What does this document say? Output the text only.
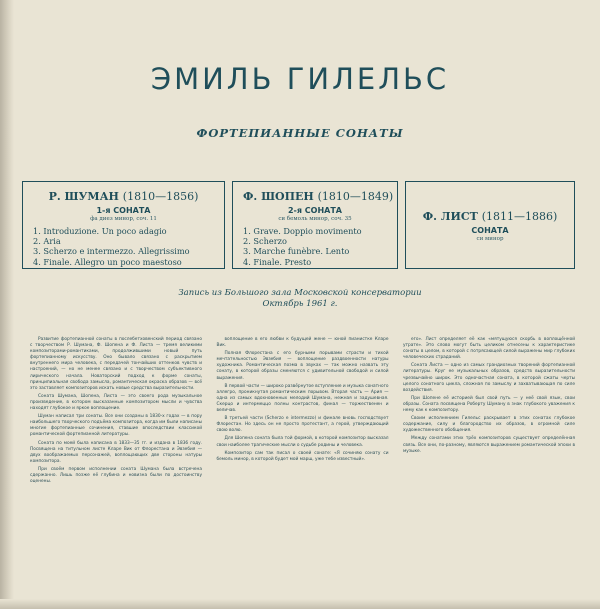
ЭМИЛЬ ГИЛЕЛЬС
ФОРТЕПИАННЫЕ СОНАТЫ
Р. ШУМАН (1810—1856)
1-я СОНАТА
фа диез минор, соч. 11
1. Introduzione. Un poco adagio
2. Aria
3. Scherzo e intermezzo. Allegrissimo
4. Finale. Allegro un poco maestoso
Ф. ШОПЕН (1810—1849)
2-я СОНАТА
си бемоль минор, соч. 35
1. Grave. Doppio movimento
2. Scherzo
3. Marche funèbre. Lento
4. Finale. Presto
Ф. ЛИСТ (1811—1886)
СОНАТА
си минор
Запись из Большого зала Московской консерватории
Октябрь 1961 г.

Развитие фортепианной сонаты в послебетховенский период связано с творчеством Р. Шумана, Ф. Шопена и Ф. Листа — тремя великими композиторами-романтиками, продолжившими новый путь фортепианному искусству. Оно бывало связано с раскрытием внутреннего мира человека, с передачей тончайших оттенков чувств и настроений, — но не менее связано и с творчеством субъективного лирического начала. Новаторский подход к форме сонаты, принципиальная свобода замысла, романтическая окраска образов — всё это заставляет композиторов искать новые средства выразительности.

Соната Шумана, Шопена, Листа — это своего рода музыкальное произведение, в котором высказанные композитором мысли и чувства находят глубокое и яркое воплощение.

Шуман написал три сонаты. Все они созданы в 1830-х годах — в пору наибольшего творческого подъёма композитора, когда им были написаны многие фортепианные сочинения, ставшие впоследствии классикой романтической фортепианной литературы.

Соната по моей была написана в 1833—35 гг. и издана в 1836 году. Посвящена на титульном листе Кларе Вик от Флорестана и Эвзебия — двух воображаемых персонажей, воплощающих две стороны натуры композитора.

При своём первом исполнении соната Шумана была встречена сдержанно. Лишь позже её глубина и новизна были по достоинству оценены.

воплощение в его любви к будущей жене — юной пианистке Кларе Вик.

Полная Флорестана с его бурными порывами страсти и тихой мечтательностью Эвзебия — воплощение раздвоенности натуры художника. Романтическая поэма в звуках — так можно назвать эту сонату, в которой образы сменяются с удивительной свободой и силой выражения.

В первой части — широко развёрнутое вступление и музыка сонатного аллегро, проникнутая романтическим порывом. Вторая часть — Ария — одна из самых вдохновенных мелодий Шумана, нежная и задушевная. Скерцо и интермеццо полны контрастов, финал — торжественен и величав.

В третьей части (Scherzo e intermezzo) и финале вновь господствует Флорестан. Но здесь он не просто протестант, а герой, утверждающий свою волю.

Для Шопена соната была той формой, в которой композитор высказал свои наиболее трагические мысли о судьбе родины и человека.

Композитор сам так писал о своей сонате: «Я сочиняю сонату си бемоль минор, в которой будет мой марш, уже тебе известный».

его». Лист определяет её как «мятущуюся скорбь в воплощённой утрате». Это слово могут быть целиком отнесены к характеристике сонаты в целом, в которой с потрясающей силой выражены мир глубоких человеческих страданий.

Соната Листа — одно из самых грандиозных творений фортепианной литературы. Круг ее музыкальных образов, средств выразительности чрезвычайно широк. Это одночастная соната, в которой сжаты черты целого сонатного цикла, сложная по замыслу и захватывающая по силе воздействия.

При Шопене её историей был свой путь — у неё свой язык, свои образы. Соната посвящена Роберту Шуману в знак глубокого уважения к нему как к композитору.

Своим исполнением Гилельс раскрывает в этих сонатах глубокое содержание, силу и благородство их образов, в огромной силе художественного обобщения.

Между сонатами этих трёх композиторов существует определённая связь. Все они, по-разному, являются выражением романтической эпохи в музыке.
